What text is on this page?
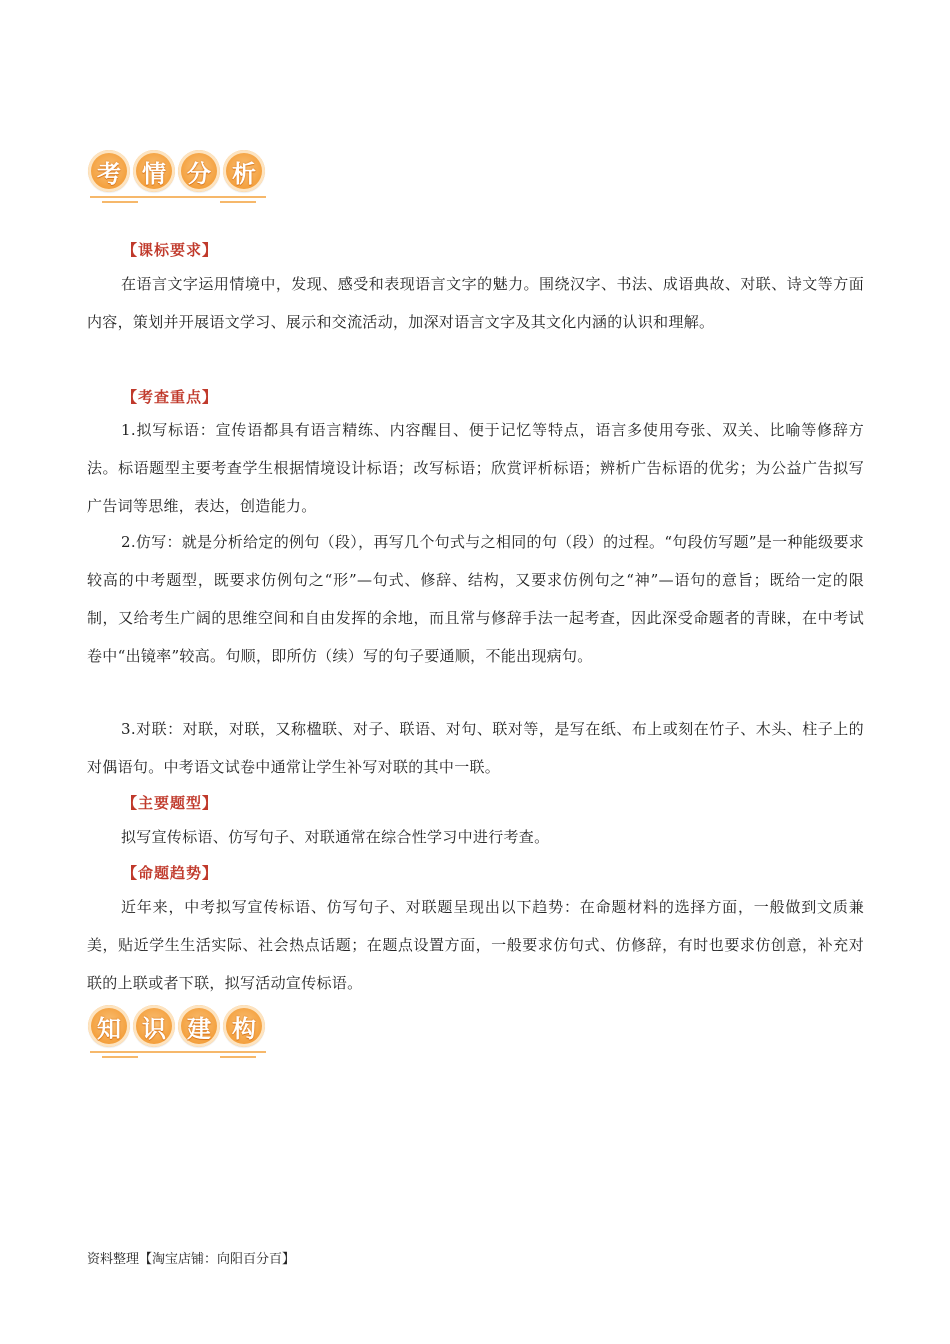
考 情 分 析
【课标要求】

在语言文字运用情境中，发现、感受和表现语言文字的魅力。围绕汉字、书法、成语典故、对联、诗文等方面内容，策划并开展语文学习、展示和交流活动，加深对语言文字及其文化内涵的认识和理解。

【考查重点】

1.拟写标语：宣传语都具有语言精练、内容醒目、便于记忆等特点，语言多使用夸张、双关、比喻等修辞方法。标语题型主要考查学生根据情境设计标语；改写标语；欣赏评析标语；辨析广告标语的优劣；为公益广告拟写广告词等思维，表达，创造能力。

2.仿写：就是分析给定的例句（段），再写几个句式与之相同的句（段）的过程。“句段仿写题”是一种能级要求较高的中考题型，既要求仿例句之“形”—句式、修辞、结构，又要求仿例句之“神”—语句的意旨；既给一定的限制，又给考生广阔的思维空间和自由发挥的余地，而且常与修辞手法一起考查，因此深受命题者的青睐，在中考试卷中“出镜率”较高。句顺，即所仿（续）写的句子要通顺，不能出现病句。

3.对联：对联，对联，又称楹联、对子、联语、对句、联对等，是写在纸、布上或刻在竹子、木头、柱子上的对偶语句。中考语文试卷中通常让学生补写对联的其中一联。

【主要题型】

拟写宣传标语、仿写句子、对联通常在综合性学习中进行考查。

【命题趋势】

近年来，中考拟写宣传标语、仿写句子、对联题呈现出以下趋势：在命题材料的选择方面，一般做到文质兼美，贴近学生生活实际、社会热点话题；在题点设置方面，一般要求仿句式、仿修辞，有时也要求仿创意，补充对联的上联或者下联，拟写活动宣传标语。

知 识 建 构
资料整理【淘宝店铺：向阳百分百】
